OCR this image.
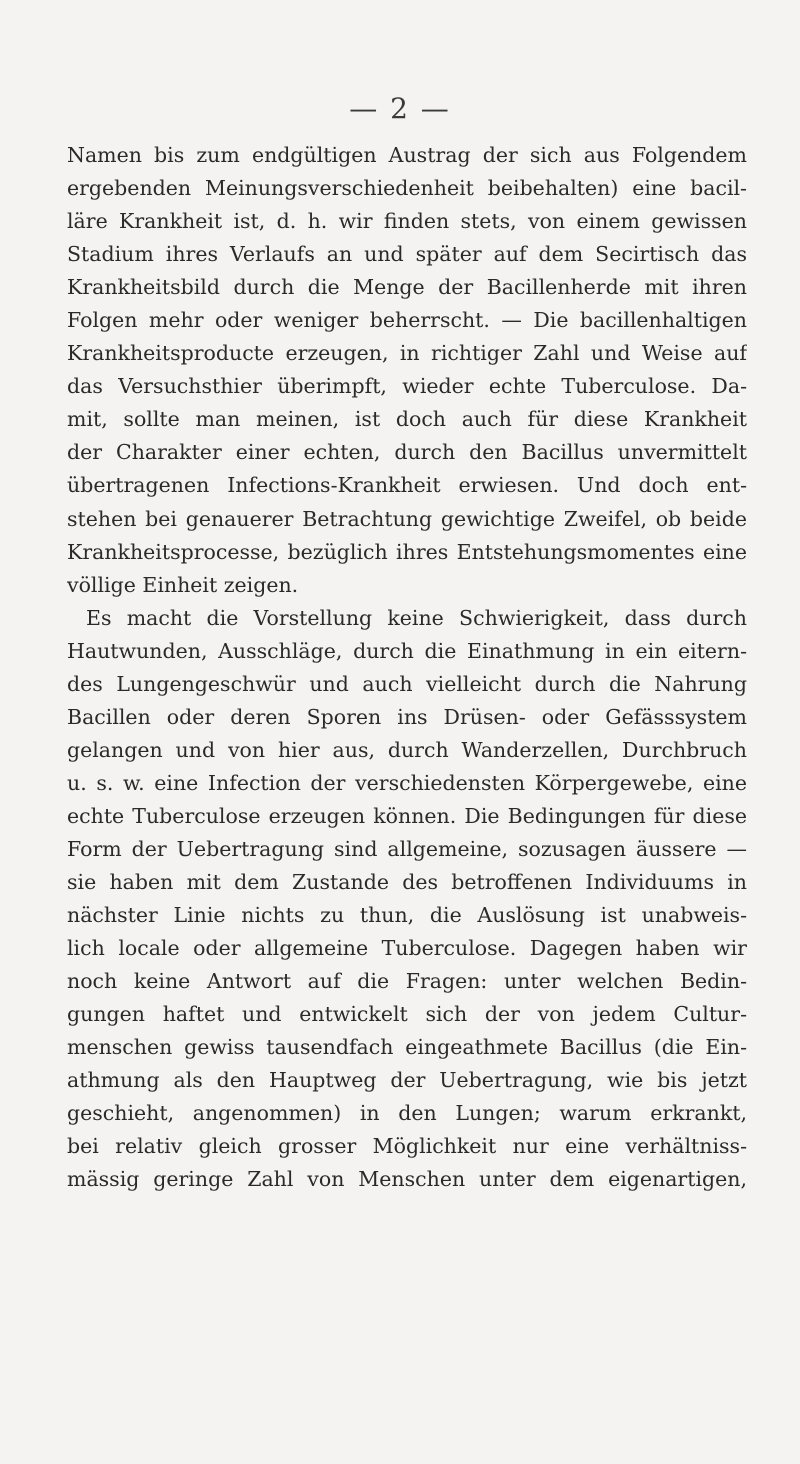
— 2 —
Namen bis zum endgültigen Austrag der sich aus Folgendem
ergebenden Meinungsverschiedenheit beibehalten) eine bacil-
läre Krankheit ist, d. h. wir finden stets, von einem gewissen
Stadium ihres Verlaufs an und später auf dem Secirtisch das
Krankheitsbild durch die Menge der Bacillenherde mit ihren
Folgen mehr oder weniger beherrscht. — Die bacillenhaltigen
Krankheitsproducte erzeugen, in richtiger Zahl und Weise auf
das Versuchsthier überimpft, wieder echte Tuberculose. Da-
mit, sollte man meinen, ist doch auch für diese Krankheit
der Charakter einer echten, durch den Bacillus unvermittelt
übertragenen Infections-Krankheit erwiesen. Und doch ent-
stehen bei genauerer Betrachtung gewichtige Zweifel, ob beide
Krankheitsprocesse, bezüglich ihres Entstehungsmomentes eine
völlige Einheit zeigen.
Es macht die Vorstellung keine Schwierigkeit, dass durch
Hautwunden, Ausschläge, durch die Einathmung in ein eitern-
des Lungengeschwür und auch vielleicht durch die Nahrung
Bacillen oder deren Sporen ins Drüsen- oder Gefässsystem
gelangen und von hier aus, durch Wanderzellen, Durchbruch
u. s. w. eine Infection der verschiedensten Körpergewebe, eine
echte Tuberculose erzeugen können. Die Bedingungen für diese
Form der Uebertragung sind allgemeine, sozusagen äussere —
sie haben mit dem Zustande des betroffenen Individuums in
nächster Linie nichts zu thun, die Auslösung ist unabweis-
lich locale oder allgemeine Tuberculose. Dagegen haben wir
noch keine Antwort auf die Fragen: unter welchen Bedin-
gungen haftet und entwickelt sich der von jedem Cultur-
menschen gewiss tausendfach eingeathmete Bacillus (die Ein-
athmung als den Hauptweg der Uebertragung, wie bis jetzt
geschieht, angenommen) in den Lungen; warum erkrankt,
bei relativ gleich grosser Möglichkeit nur eine verhältniss-
mässig geringe Zahl von Menschen unter dem eigenartigen,
